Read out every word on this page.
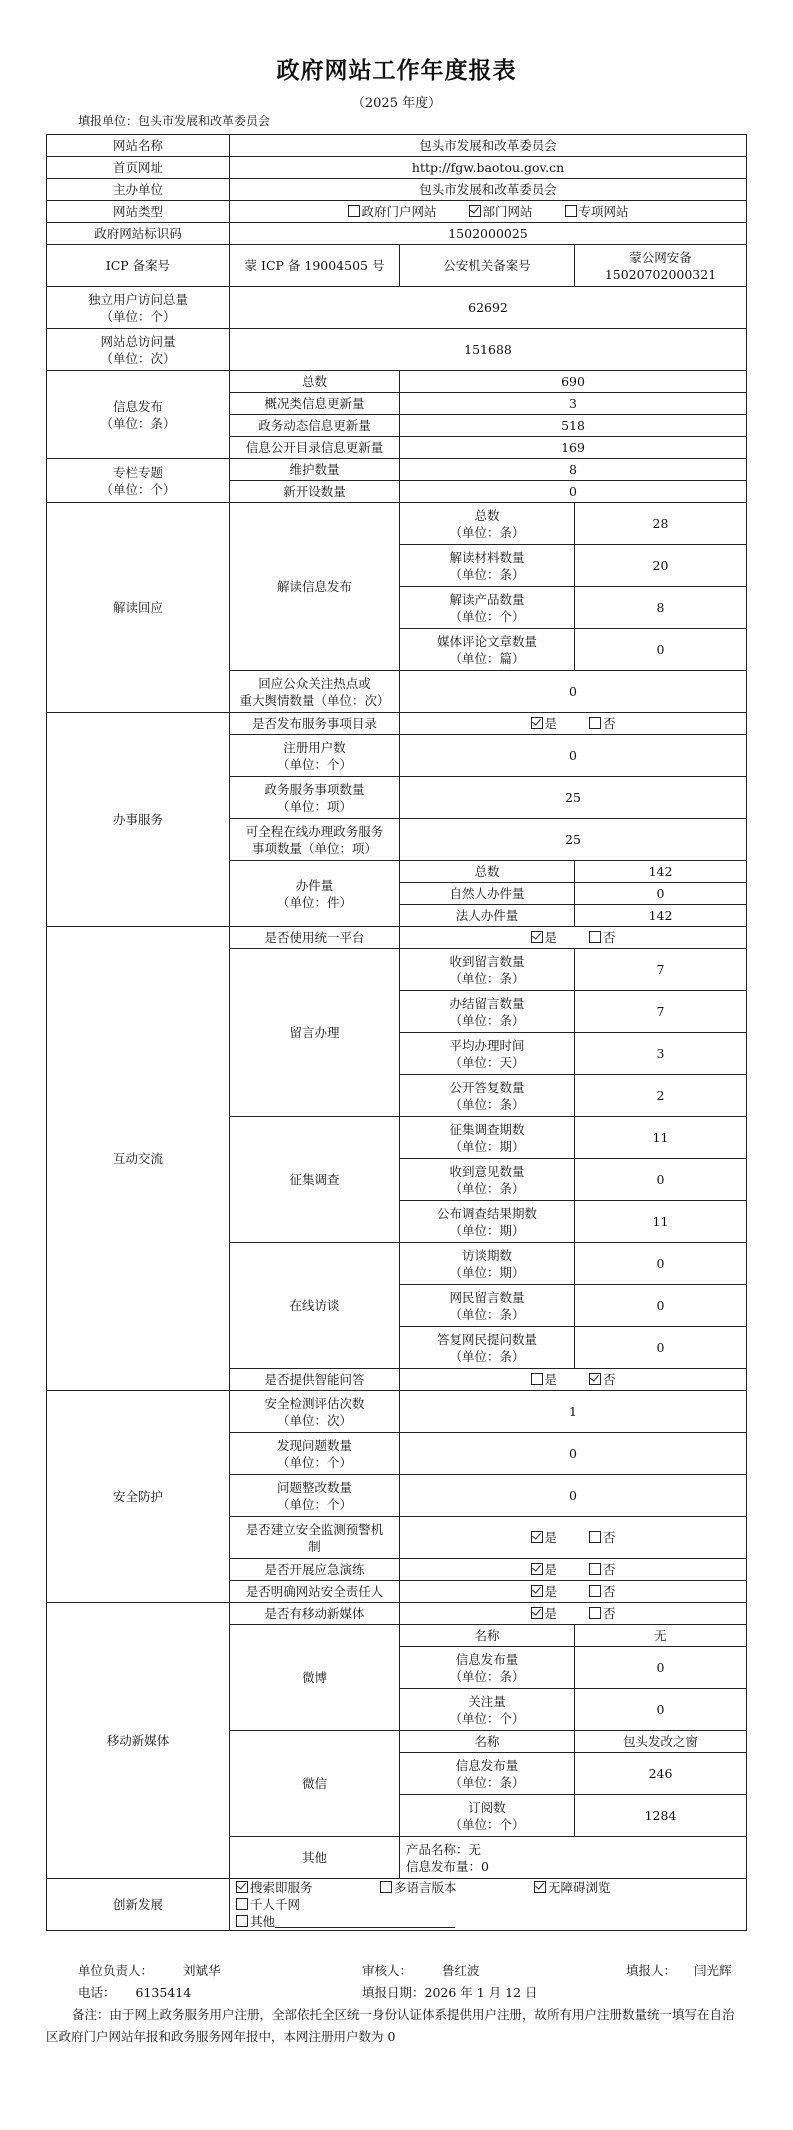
政府网站工作年度报表
（2025 年度）
填报单位：包头市发展和改革委员会
网站名称	包头市发展和改革委员会		
首页网址	http://fgw.baotou.gov.cn		
主办单位	包头市发展和改革委员会		
网站类型	政府门户网站 部门网站 专项网站		
政府网站标识码	1502000025		
ICP 备案号	蒙 ICP 备 19004505 号	公安机关备案号	蒙公网安备
15020702000321

独立用户访问总量
（单位：个）	62692		

网站总访问量
（单位：次）	151688		

信息发布
（单位：条）	总数	690	
	概况类信息更新量	3	
	政务动态信息更新量	518	
	信息公开目录信息更新量	169	

专栏专题
（单位：个）	维护数量	8	
	新开设数量	0	
解读回应	解读信息发布	总数
（单位：条）	28

		解读材料数量
（单位：条）	20

		解读产品数量
（单位：个）	8

		媒体评论文章数量
（单位：篇）	0

	回应公众关注热点或
重大舆情数量（单位：次）	0	
办事服务	是否发布服务事项目录	是 否	

	注册用户数
（单位：个）	0	

	政务服务事项数量
（单位：项）	25	

	可全程在线办理政务服务
事项数量（单位：项）	25	

	办件量
（单位：件）	总数	142
		自然人办件量	0
		法人办件量	142
互动交流	是否使用统一平台	是 否	
	留言办理	收到留言数量
（单位：条）	7

		办结留言数量
（单位：条）	7

		平均办理时间
（单位：天）	3

		公开答复数量
（单位：条）	2
	征集调查	征集调查期数
（单位：期）	11

		收到意见数量
（单位：条）	0

		公布调查结果期数
（单位：期）	11
	在线访谈	访谈期数
（单位：期）	0

		网民留言数量
（单位：条）	0

		答复网民提问数量
（单位：条）	0
	是否提供智能问答	是 否	
安全防护	安全检测评估次数
（单位：次）	1	

	发现问题数量
（单位：个）	0	

	问题整改数量
（单位：个）	0	

	是否建立安全监测预警机
制	是 否	
	是否开展应急演练	是 否	
	是否明确网站安全责任人	是 否	
移动新媒体	是否有移动新媒体	是 否	
	微博	名称	无

		信息发布量
（单位：条）	0

		关注量
（单位：个）	0
	微信	名称	包头发改之窗

		信息发布量
（单位：条）	246

		订阅数
（单位：个）	1284
	其他	产品名称：无
信息发布量：0	

创新发展	搜索即服务 多语言版本 无障碍浏览 千人千网
其他		
单位负责人： 刘斌华	审核人： 鲁红波	填报人： 闫光辉
电话： 6135414	填报日期：2026 年 1 月 12 日
备注：由于网上政务服务用户注册，全部依托全区统一身份认证体系提供用户注册，故所有用户注册数量统一填写在自治区政府门户网站年报和政务服务网年报中，本网注册用户数为 0
